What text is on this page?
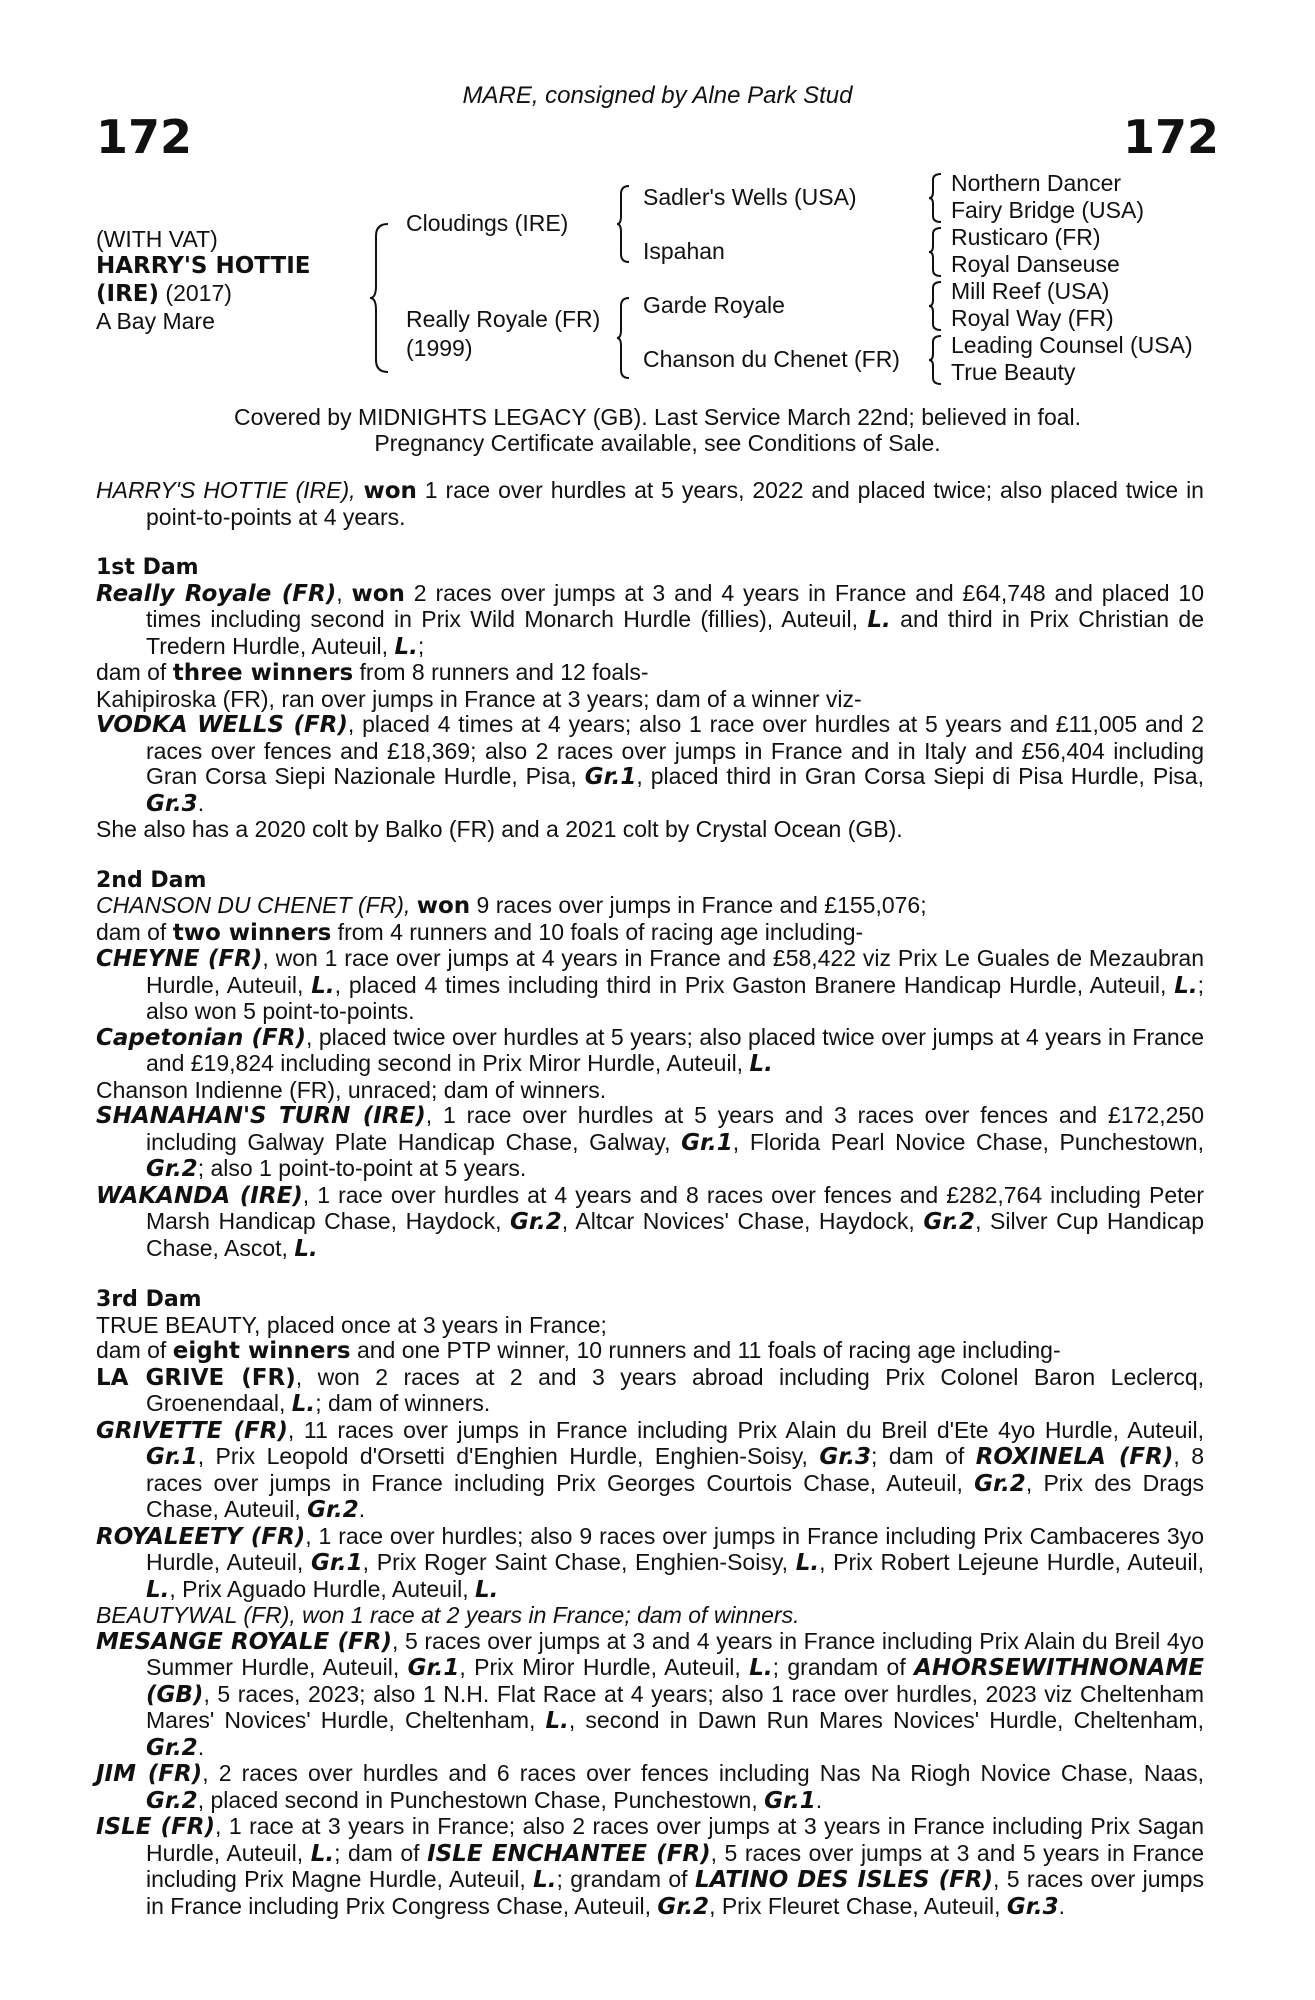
172
MARE, consigned by Alne Park Stud
172
(WITH VAT)
HARRY'S HOTTIE
(IRE) (2017)
A Bay Mare
Cloudings (IRE)
Really Royale (FR)
(1999)
Sadler's Wells (USA)
Ispahan
Garde Royale
Chanson du Chenet (FR)
Northern Dancer
Fairy Bridge (USA)
Rusticaro (FR)
Royal Danseuse
Mill Reef (USA)
Royal Way (FR)
Leading Counsel (USA)
True Beauty
Covered by MIDNIGHTS LEGACY (GB). Last Service March 22nd; believed in foal.
Pregnancy Certificate available, see Conditions of Sale.

HARRY'S HOTTIE (IRE), won 1 race over hurdles at 5 years, 2022 and placed twice; also placed twice in point-to-points at 4 years.

1st Dam

Really Royale (FR), won 2 races over jumps at 3 and 4 years in France and £64,748 and placed 10 times including second in Prix Wild Monarch Hurdle (fillies), Auteuil, L. and third in Prix Christian de Tredern Hurdle, Auteuil, L.;

dam of three winners from 8 runners and 12 foals-

Kahipiroska (FR), ran over jumps in France at 3 years; dam of a winner viz-

VODKA WELLS (FR), placed 4 times at 4 years; also 1 race over hurdles at 5 years and £11,005 and 2 races over fences and £18,369; also 2 races over jumps in France and in Italy and £56,404 including Gran Corsa Siepi Nazionale Hurdle, Pisa, Gr.1, placed third in Gran Corsa Siepi di Pisa Hurdle, Pisa, Gr.3.

She also has a 2020 colt by Balko (FR) and a 2021 colt by Crystal Ocean (GB).

2nd Dam

CHANSON DU CHENET (FR), won 9 races over jumps in France and £155,076;

dam of two winners from 4 runners and 10 foals of racing age including-

CHEYNE (FR), won 1 race over jumps at 4 years in France and £58,422 viz Prix Le Guales de Mezaubran Hurdle, Auteuil, L., placed 4 times including third in Prix Gaston Branere Handicap Hurdle, Auteuil, L.; also won 5 point-to-points.

Capetonian (FR), placed twice over hurdles at 5 years; also placed twice over jumps at 4 years in France and £19,824 including second in Prix Miror Hurdle, Auteuil, L.

Chanson Indienne (FR), unraced; dam of winners.

SHANAHAN'S TURN (IRE), 1 race over hurdles at 5 years and 3 races over fences and £172,250 including Galway Plate Handicap Chase, Galway, Gr.1, Florida Pearl Novice Chase, Punchestown, Gr.2; also 1 point-to-point at 5 years.

WAKANDA (IRE), 1 race over hurdles at 4 years and 8 races over fences and £282,764 including Peter Marsh Handicap Chase, Haydock, Gr.2, Altcar Novices' Chase, Haydock, Gr.2, Silver Cup Handicap Chase, Ascot, L.

3rd Dam

TRUE BEAUTY, placed once at 3 years in France;

dam of eight winners and one PTP winner, 10 runners and 11 foals of racing age including-

LA GRIVE (FR), won 2 races at 2 and 3 years abroad including Prix Colonel Baron Leclercq, Groenendaal, L.; dam of winners.

GRIVETTE (FR), 11 races over jumps in France including Prix Alain du Breil d'Ete 4yo Hurdle, Auteuil, Gr.1, Prix Leopold d'Orsetti d'Enghien Hurdle, Enghien-Soisy, Gr.3; dam of ROXINELA (FR), 8 races over jumps in France including Prix Georges Courtois Chase, Auteuil, Gr.2, Prix des Drags Chase, Auteuil, Gr.2.

ROYALEETY (FR), 1 race over hurdles; also 9 races over jumps in France including Prix Cambaceres 3yo Hurdle, Auteuil, Gr.1, Prix Roger Saint Chase, Enghien-Soisy, L., Prix Robert Lejeune Hurdle, Auteuil, L., Prix Aguado Hurdle, Auteuil, L.

BEAUTYWAL (FR), won 1 race at 2 years in France; dam of winners.

MESANGE ROYALE (FR), 5 races over jumps at 3 and 4 years in France including Prix Alain du Breil 4yo Summer Hurdle, Auteuil, Gr.1, Prix Miror Hurdle, Auteuil, L.; grandam of AHORSEWITHNONAME (GB), 5 races, 2023; also 1 N.H. Flat Race at 4 years; also 1 race over hurdles, 2023 viz Cheltenham Mares' Novices' Hurdle, Cheltenham, L., second in Dawn Run Mares Novices' Hurdle, Cheltenham, Gr.2.

JIM (FR), 2 races over hurdles and 6 races over fences including Nas Na Riogh Novice Chase, Naas, Gr.2, placed second in Punchestown Chase, Punchestown, Gr.1.

ISLE (FR), 1 race at 3 years in France; also 2 races over jumps at 3 years in France including Prix Sagan Hurdle, Auteuil, L.; dam of ISLE ENCHANTEE (FR), 5 races over jumps at 3 and 5 years in France including Prix Magne Hurdle, Auteuil, L.; grandam of LATINO DES ISLES (FR), 5 races over jumps in France including Prix Congress Chase, Auteuil, Gr.2, Prix Fleuret Chase, Auteuil, Gr.3.
